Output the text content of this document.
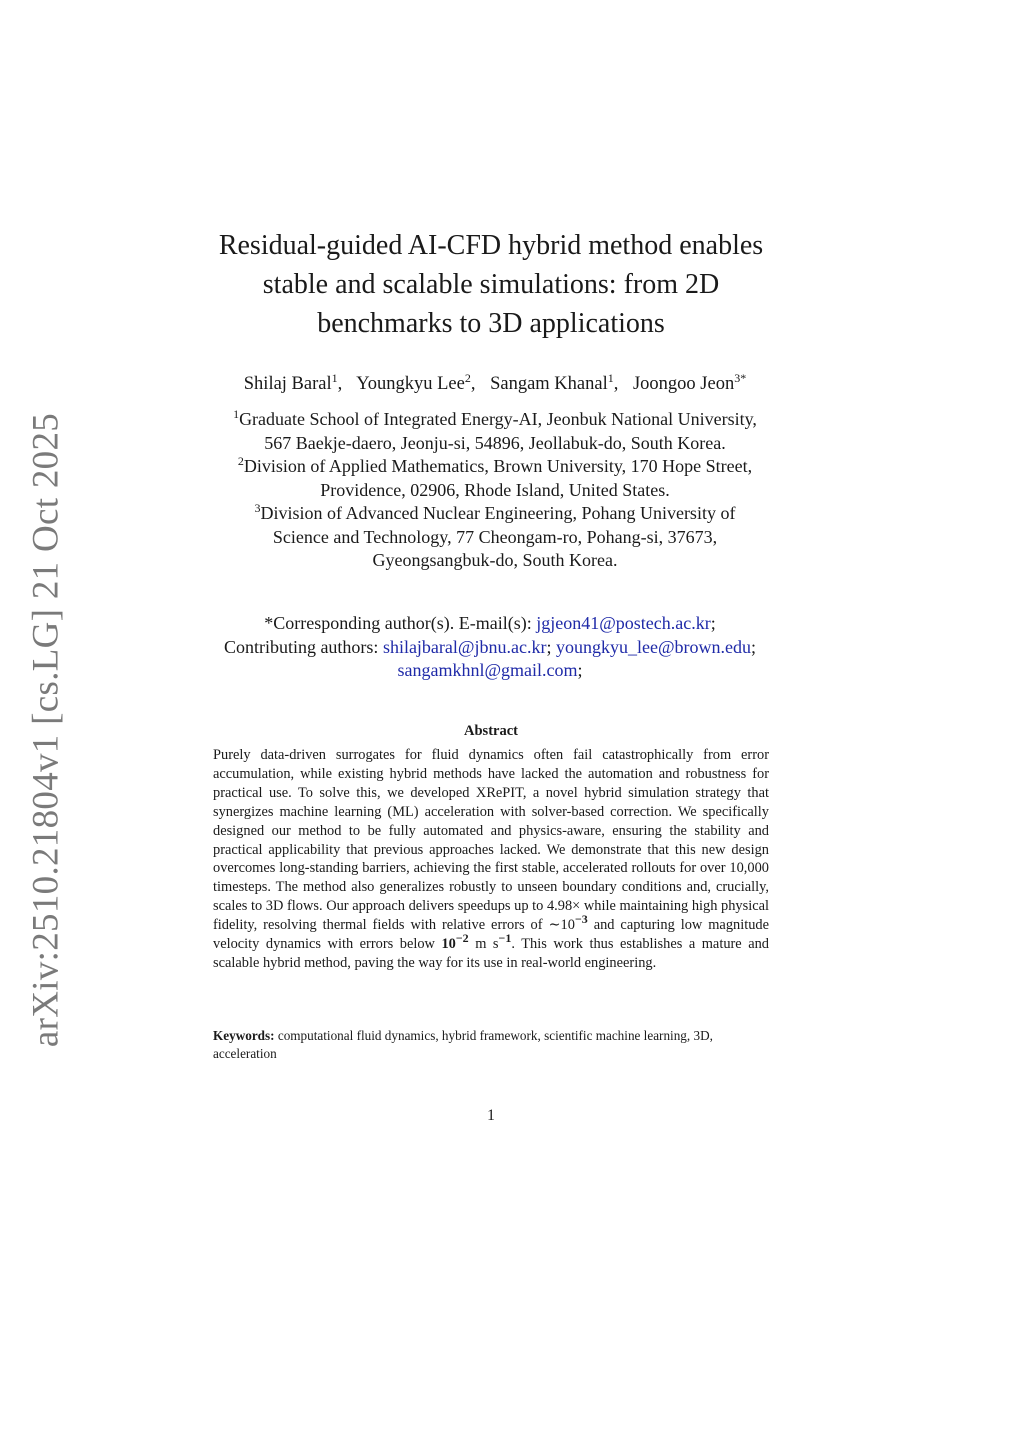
arXiv:2510.21804v1 [cs.LG] 21 Oct 2025
Residual-guided AI-CFD hybrid method enables
stable and scalable simulations: from 2D
benchmarks to 3D applications
Shilaj Baral$^1$, Youngkyu Lee$^2$, Sangam Khanal$^1$, Joongoo Jeon$^{3*}$
$^1$Graduate School of Integrated Energy-AI, Jeonbuk National University,
567 Baekje-daero, Jeonju-si, 54896, Jeollabuk-do, South Korea.
$^2$Division of Applied Mathematics, Brown University, 170 Hope Street,
Providence, 02906, Rhode Island, United States.
$^3$Division of Advanced Nuclear Engineering, Pohang University of
Science and Technology, 77 Cheongam-ro, Pohang-si, 37673,
Gyeongsangbuk-do, South Korea.
*Corresponding author(s). E-mail(s): jgjeon41@postech.ac.kr;
Contributing authors: shilajbaral@jbnu.ac.kr; youngkyu_lee@brown.edu;
sangamkhnl@gmail.com;
Abstract
Purely data-driven surrogates for fluid dynamics often fail catastrophically from error accumulation, while existing hybrid methods have lacked the automation and robustness for practical use. To solve this, we developed XRePIT, a novel hybrid simulation strategy that synergizes machine learning (ML) acceleration with solver-based correction. We specifically designed our method to be fully automated and physics-aware, ensuring the stability and practical applicability that previous approaches lacked. We demonstrate that this new design overcomes long-standing barriers, achieving the first stable, accelerated rollouts for over 10,000 timesteps. The method also generalizes robustly to unseen boundary conditions and, crucially, scales to 3D flows. Our approach delivers speedups up to 4.98× while maintaining high physical fidelity, resolving thermal fields with relative errors of $\sim 10^{-3}$ and capturing low magnitude velocity dynamics with errors below $10^{-2}$ m $s^{-1}$. This work thus establishes a mature and scalable hybrid method, paving the way for its use in real-world engineering.
Keywords: computational fluid dynamics, hybrid framework, scientific machine learning, 3D, acceleration
1
